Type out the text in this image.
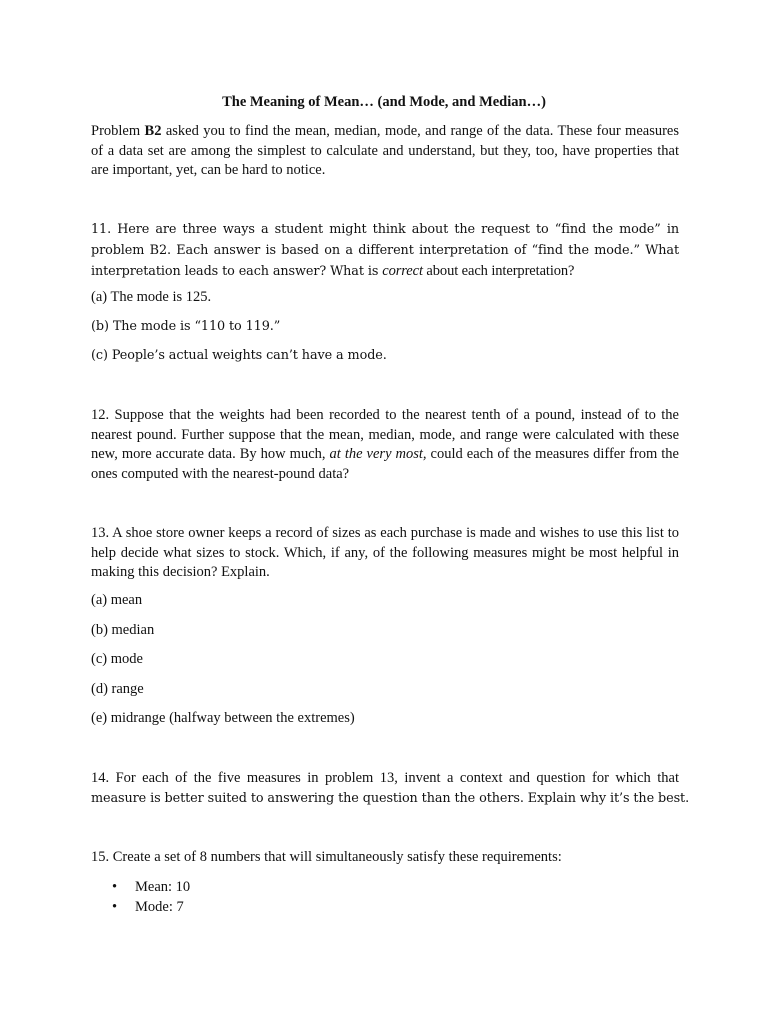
The Meaning of Mean… (and Mode, and Median…)

Problem B2 asked you to find the mean, median, mode, and range of the data. These four measures of a data set are among the simplest to calculate and understand, but they, too, have properties that are important, yet, can be hard to notice.

11. Here are three ways a student might think about the request to “find the mode” in problem B2. Each answer is based on a different interpretation of “find the mode.” What interpretation leads to each answer? What is correct about each interpretation?

(a) The mode is 125.

(b) The mode is “110 to 119.”

(c) People’s actual weights can’t have a mode.

12. Suppose that the weights had been recorded to the nearest tenth of a pound, instead of to the nearest pound. Further suppose that the mean, median, mode, and range were calculated with these new, more accurate data. By how much, at the very most, could each of the measures differ from the ones computed with the nearest-pound data?

13. A shoe store owner keeps a record of sizes as each purchase is made and wishes to use this list to help decide what sizes to stock. Which, if any, of the following measures might be most helpful in making this decision? Explain.

(a) mean

(b) median

(c) mode

(d) range

(e) midrange (halfway between the extremes)

14. For each of the five measures in problem 13, invent a context and question for which that

measure is better suited to answering the question than the others. Explain why it’s the best.

15. Create a set of 8 numbers that will simultaneously satisfy these requirements:

• Mean: 10
• Mode: 7
